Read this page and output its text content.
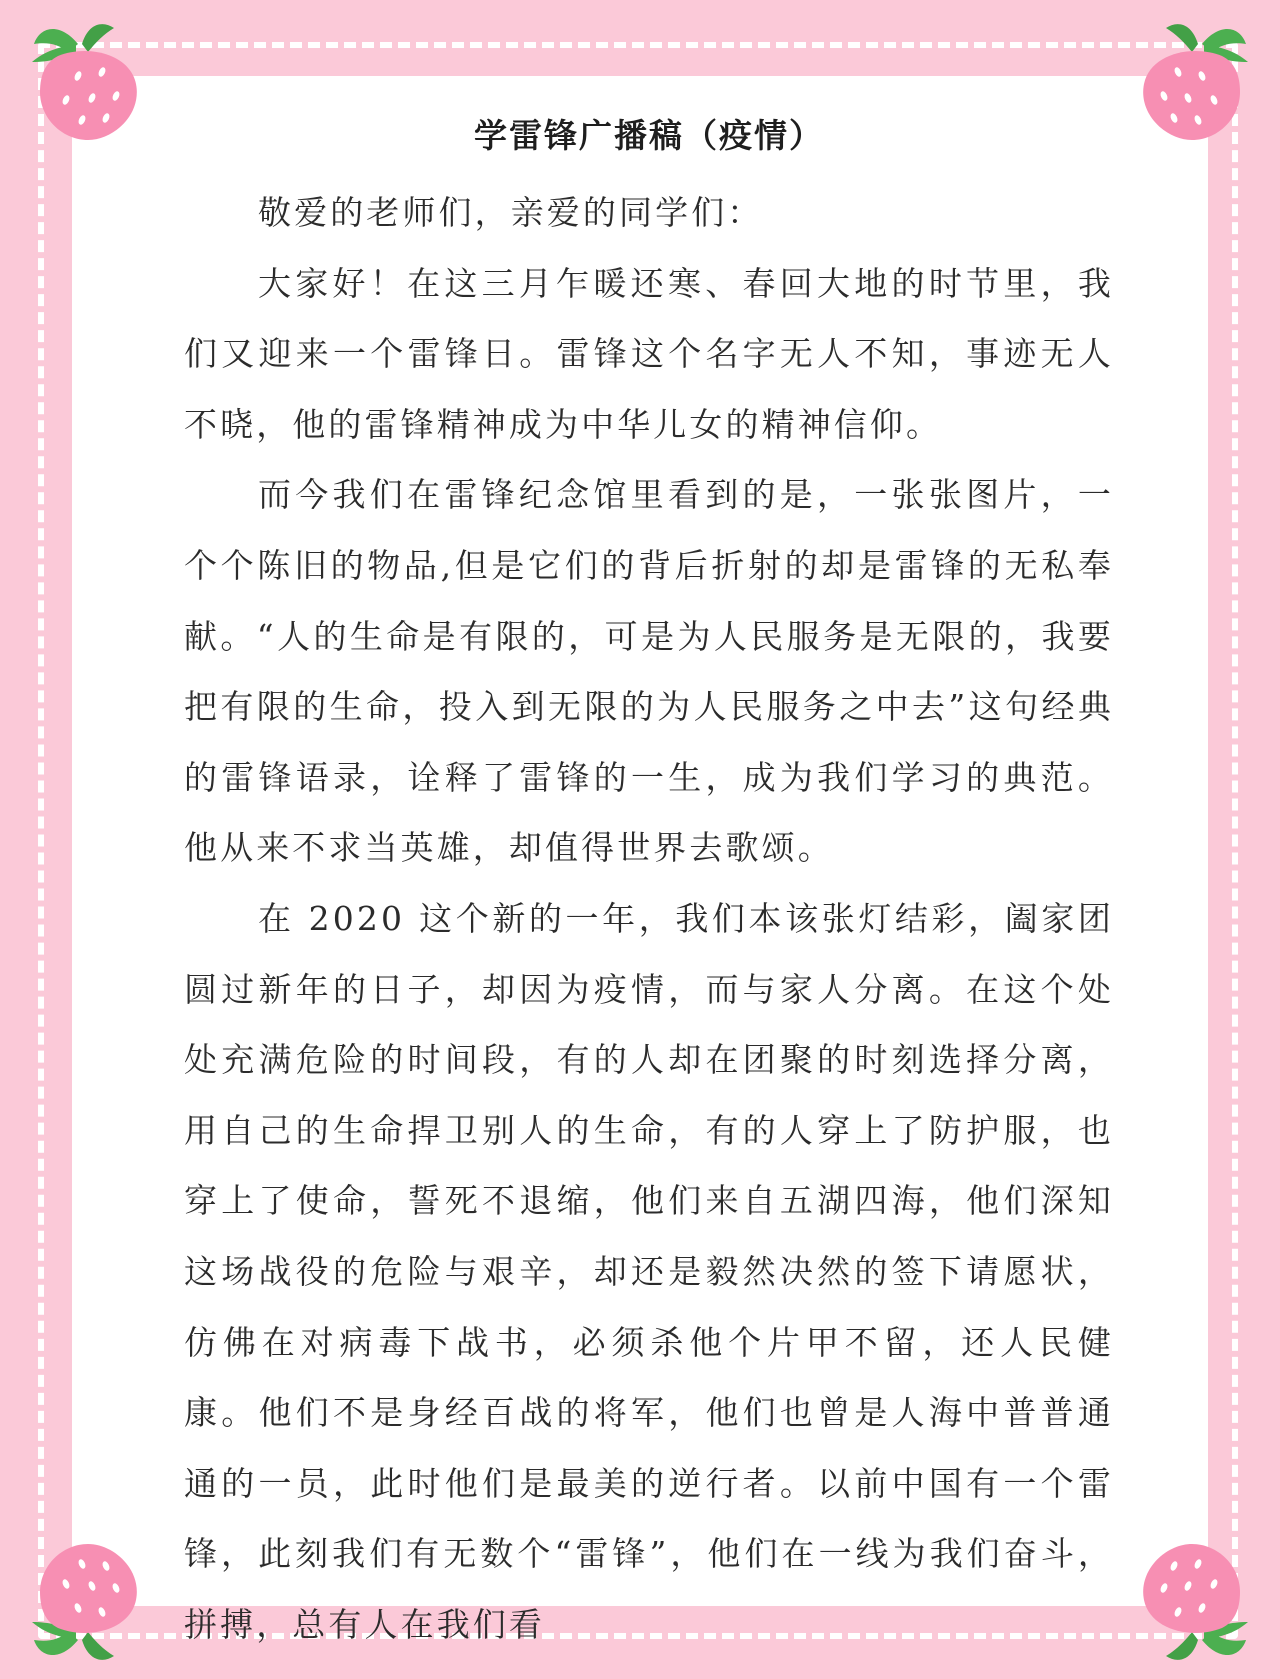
学雷锋广播稿（疫情）

敬爱的老师们，亲爱的同学们：

大家好！在这三月乍暖还寒、春回大地的时节里，我们又迎来一个雷锋日。雷锋这个名字无人不知，事迹无人不晓，他的雷锋精神成为中华儿女的精神信仰。

而今我们在雷锋纪念馆里看到的是，一张张图片，一个个陈旧的物品,但是它们的背后折射的却是雷锋的无私奉献。“人的生命是有限的，可是为人民服务是无限的，我要把有限的生命，投入到无限的为人民服务之中去”这句经典的雷锋语录，诠释了雷锋的一生，成为我们学习的典范。他从来不求当英雄，却值得世界去歌颂。

在 2020 这个新的一年，我们本该张灯结彩，阖家团圆过新年的日子，却因为疫情，而与家人分离。在这个处处充满危险的时间段，有的人却在团聚的时刻选择分离，用自己的生命捍卫别人的生命，有的人穿上了防护服，也穿上了使命，誓死不退缩，他们来自五湖四海，他们深知这场战役的危险与艰辛，却还是毅然决然的签下请愿状，仿佛在对病毒下战书，必须杀他个片甲不留，还人民健康。他们不是身经百战的将军，他们也曾是人海中普普通通的一员，此时他们是最美的逆行者。以前中国有一个雷锋，此刻我们有无数个“雷锋”，他们在一线为我们奋斗，拼搏，总有人在我们看
